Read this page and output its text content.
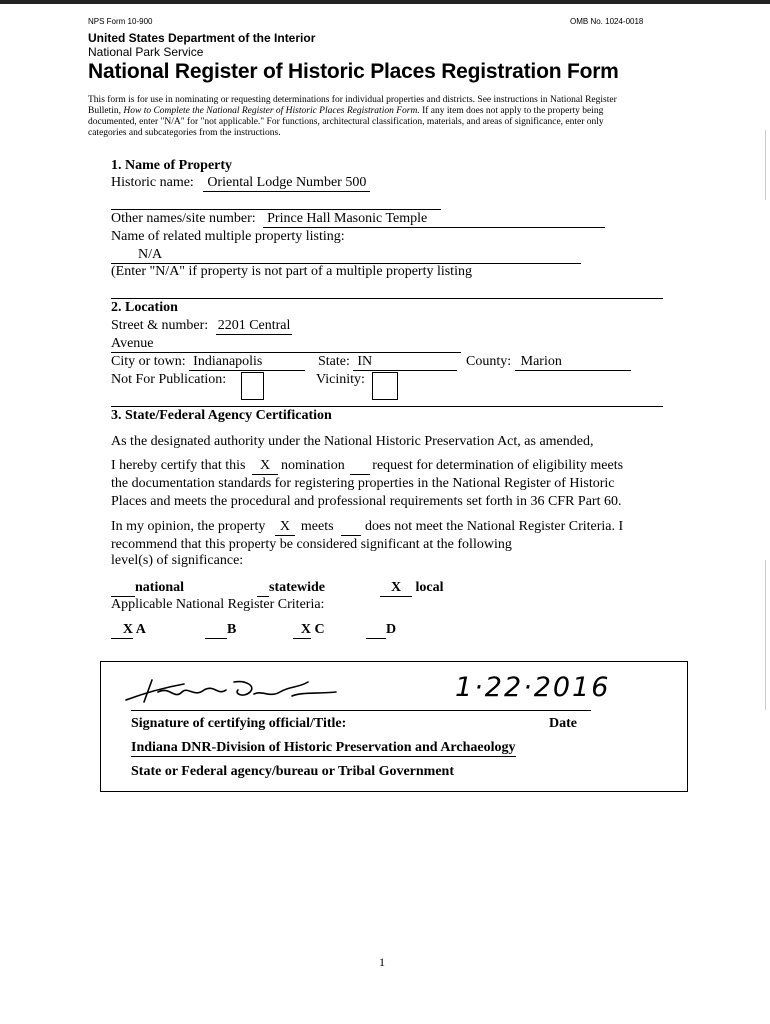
NPS Form 10-900	OMB No. 1024-0018
United States Department of the Interior
National Park Service
National Register of Historic Places Registration Form
This form is for use in nominating or requesting determinations for individual properties and districts. See instructions in National Register
Bulletin, How to Complete the National Register of Historic Places Registration Form. If any item does not apply to the property being
documented, enter "N/A" for "not applicable." For functions, architectural classification, materials, and areas of significance, enter only
categories and subcategories from the instructions.
1. Name of Property
Historic name: Oriental Lodge Number 500
Other names/site number: Prince Hall Masonic Temple
Name of related multiple property listing:
N/A
(Enter "N/A" if property is not part of a multiple property listing
2. Location
Street & number: 2201 Central
Avenue
City or town: Indianapolis	State: IN	County: Marion
Not For Publication:	Vicinity:
3. State/Federal Agency Certification
As the designated authority under the National Historic Preservation Act, as amended,
I hereby certify that this X nomination request for determination of eligibility meets
the documentation standards for registering properties in the National Register of Historic
Places and meets the procedural and professional requirements set forth in 36 CFR Part 60.
In my opinion, the property X meets does not meet the National Register Criteria. I
recommend that this property be considered significant at the following
level(s) of significance:
national	statewide	X local
Applicable National Register Criteria:
X A	B	X C	D
1·22·2016
Signature of certifying official/Title:	Date
Indiana DNR-Division of Historic Preservation and Archaeology
State or Federal agency/bureau or Tribal Government
1
